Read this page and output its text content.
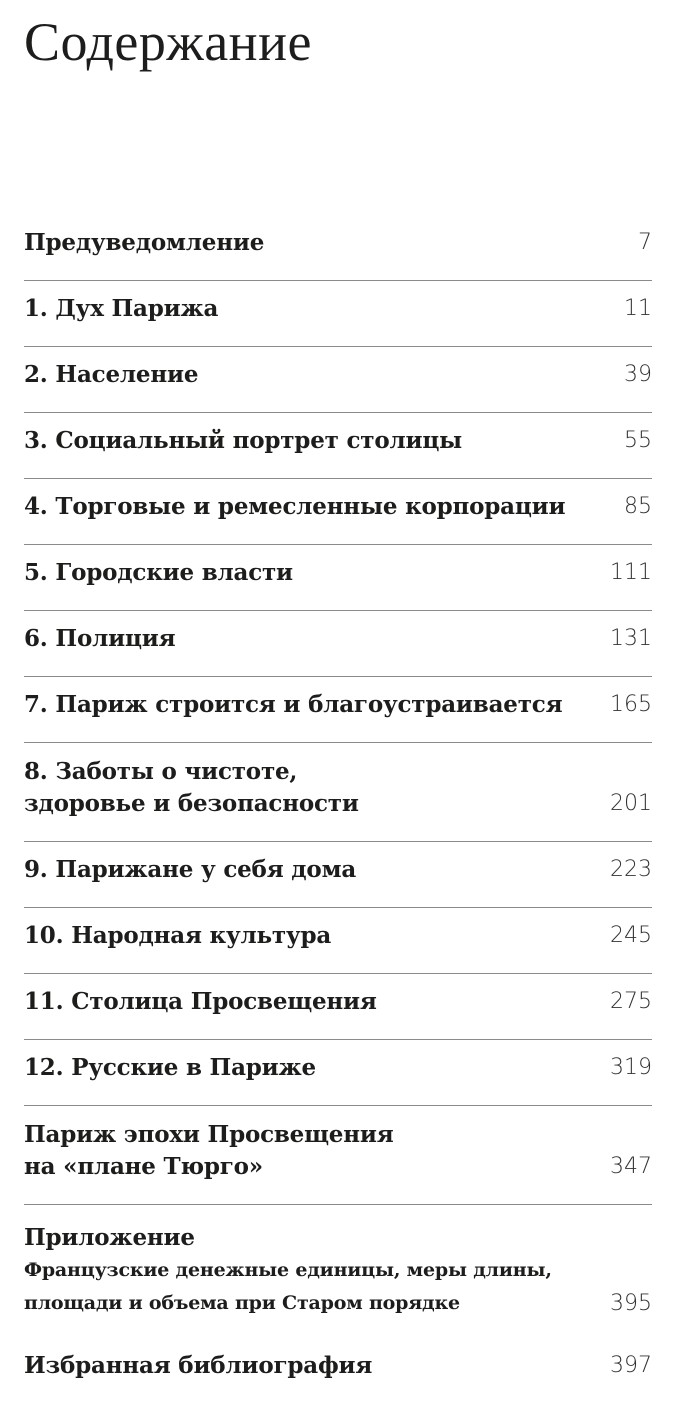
Содержание
Предуведомление	7
1. Дух Парижа	11
2. Население	39
3. Социальный портрет столицы	55
4. Торговые и ремесленные корпорации	85
5. Городские власти	111
6. Полиция	131
7. Париж строится и благоустраивается 165
8. Заботы о чистоте,
здоровье и безопасности	201
9. Парижане у себя дома	223
10. Народная культура	245
11. Столица Просвещения	275
12. Русские в Париже	319
Париж эпохи Просвещения
на «плане Тюрго»	347
Приложение
Французские денежные единицы, меры длины,
площади и объема при Старом порядке	395
Избранная библиография	397
